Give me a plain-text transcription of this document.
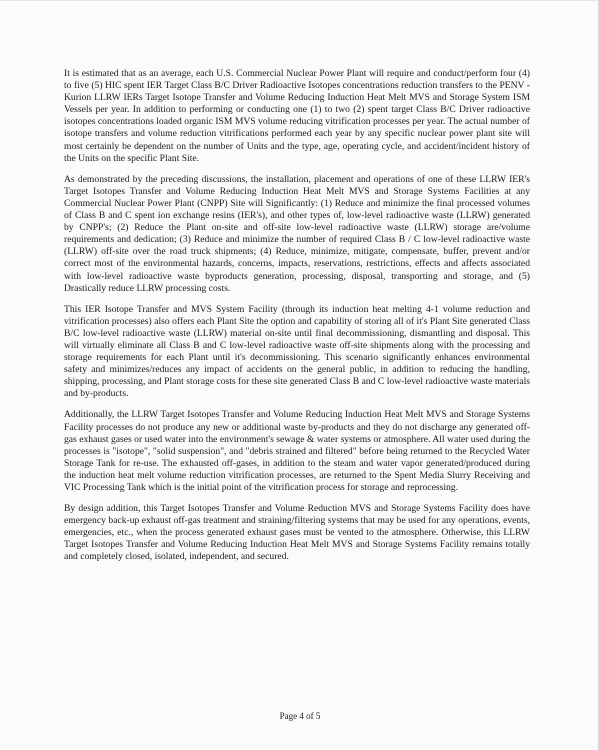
It is estimated that as an average, each U.S. Commercial Nuclear Power Plant will require and conduct/perform four (4) to five (5) HIC spent IER Target Class B/C Driver Radioactive Isotopes concentrations reduction transfers to the PENV - Kurion LLRW IERs Target Isotope Transfer and Volume Reducing Induction Heat Melt MVS and Storage System ISM Vessels per year. In addition to performing or conducting one (1) to two (2) spent target Class B/C Driver radioactive isotopes concentrations loaded organic ISM MVS volume reducing vitrification processes per year. The actual number of isotope transfers and volume reduction vitrifications performed each year by any specific nuclear power plant site will most certainly be dependent on the number of Units and the type, age, operating cycle, and accident/incident history of the Units on the specific Plant Site.

As demonstrated by the preceding discussions, the installation, placement and operations of one of these LLRW IER's Target Isotopes Transfer and Volume Reducing Induction Heat Melt MVS and Storage Systems Facilities at any Commercial Nuclear Power Plant (CNPP) Site will Significantly: (1) Reduce and minimize the final processed volumes of Class B and C spent ion exchange resins (IER's), and other types of, low-level radioactive waste (LLRW) generated by CNPP's; (2) Reduce the Plant on-site and off-site low-level radioactive waste (LLRW) storage are/volume requirements and dedication; (3) Reduce and minimize the number of required Class B / C low-level radioactive waste (LLRW) off-site over the road truck shipments; (4) Reduce, minimize, mitigate, compensate, buffer, prevent and/or correct most of the environmental hazards, concerns, impacts, reservations, restrictions, effects and affects associated with low-level radioactive waste byproducts generation, processing, disposal, transporting and storage, and (5) Drastically reduce LLRW processing costs.

This IER Isotope Transfer and MVS System Facility (through its induction heat melting 4-1 volume reduction and vitrification processes) also offers each Plant Site the option and capability of storing all of it's Plant Site generated Class B/C low-level radioactive waste (LLRW) material on-site until final decommissioning, dismantling and disposal. This will virtually eliminate all Class B and C low-level radioactive waste off-site shipments along with the processing and storage requirements for each Plant until it's decommissioning. This scenario significantly enhances environmental safety and minimizes/reduces any impact of accidents on the general public, in addition to reducing the handling, shipping, processing, and Plant storage costs for these site generated Class B and C low-level radioactive waste materials and by-products.

Additionally, the LLRW Target Isotopes Transfer and Volume Reducing Induction Heat Melt MVS and Storage Systems Facility processes do not produce any new or additional waste by-products and they do not discharge any generated off-gas exhaust gases or used water into the environment's sewage & water systems or atmosphere. All water used during the processes is "isotope", "solid suspension", and "debris strained and filtered" before being returned to the Recycled Water Storage Tank for re-use. The exhausted off-gases, in addition to the steam and water vapor generated/produced during the induction heat melt volume reduction vitrification processes, are returned to the Spent Media Slurry Receiving and VIC Processing Tank which is the initial point of the vitrification process for storage and reprocessing.

By design addition, this Target Isotopes Transfer and Volume Reduction MVS and Storage Systems Facility does have emergency back-up exhaust off-gas treatment and straining/filtering systems that may be used for any operations, events, emergencies, etc., when the process generated exhaust gases must be vented to the atmosphere. Otherwise, this LLRW Target Isotopes Transfer and Volume Reducing Induction Heat Melt MVS and Storage Systems Facility remains totally and completely closed, isolated, independent, and secured.

Page 4 of 5
